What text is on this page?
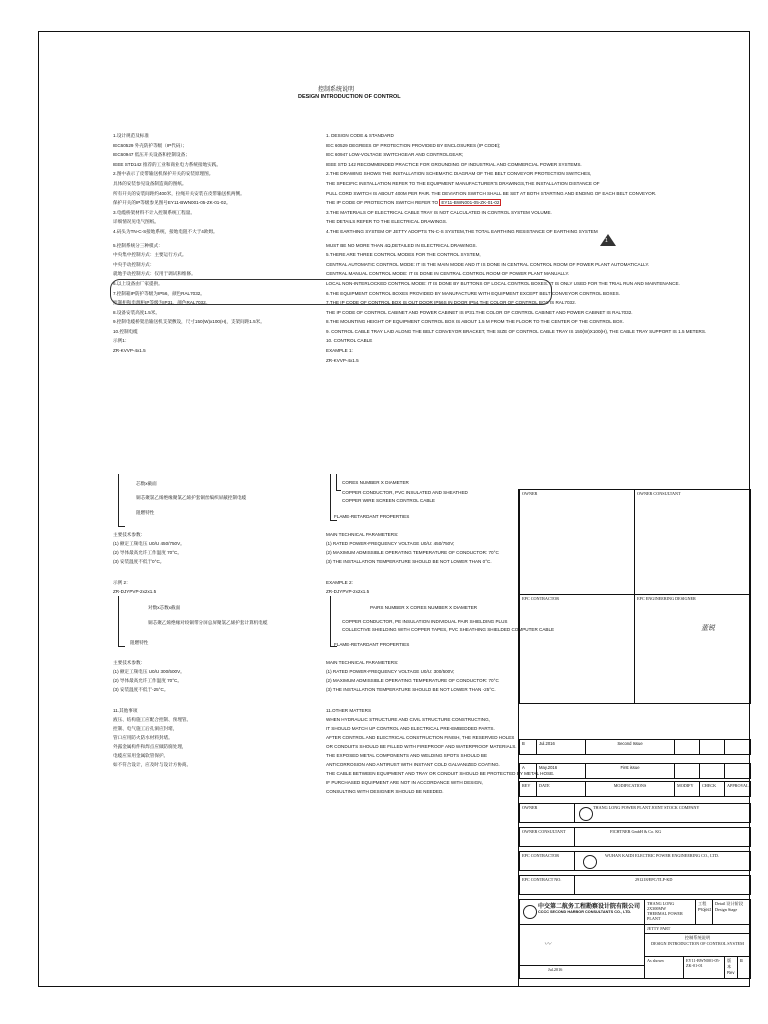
控制系统说明
DESIGN INTRODUCTION OF CONTROL
1.设计规范及标准
IEC60529 外壳防护等级（IP代码）；
IEC60947 低压开关设备和控制设备；
IEEE STD142 推荐的工业和商业电力系统接地实践。
2.图中表示了皮带输送机保护开关的安装原理图。
具体的安装参见设备制造商的图纸。
所有开关的安装间距约400米，拉绳开关安装在皮带输送机两侧。
保护开关的IP等级参见图号EY11-BWN001-05-ZK-01-02。
3.电缆桥架材料不计入控制系统工程量。
详细情况见电气图纸。
4.码头为TN-C-S接地系统，接地电阻不大于4欧姆。
5.控制系统分三种模式：
中央集中控制方式：主要运行方式。
中央手动控制方式：
就地手动控制方式：仅用于调试和维修。
6.以上设备由厂家提供。
7.控制箱IP防护等级为IP56，颜色RAL7032。
控制柜和电源柜IP等级为IP31，颜色RAL7032。
8.设备安装高度1.5米。
9.控制电缆桥架沿输送机支架敷设，尺寸150(W)x100(H)，支架间距1.5米。
10.控制电缆
示例1：
ZR-KVVP-4x1.5
1. DESIGN CODE & STANDARD
IEC 60529 DEGREES OF PROTECTION PROVIDED BY ENCLOSURES (IP CODE);
IEC 60947 LOW-VOLTAGE SWITCHGEAR AND CONTROLGEAR;
IEEE STD 142 RECOMMENDED PRACTICE FOR GROUNDING OF INDUSTRIAL AND COMMERCIAL POWER SYSTEMS.
2.THE DRAWING SHOWS THE INSTALLATION SCHEMATIC DIAGRAM OF THE BELT CONVEYOR PROTECTION SWITCHES,
THE SPECIFIC INSTALLATION REFER TO THE EQUIPMENT MANUFACTURER'S DRAWINGS,THE INSTALLATION DISTANCE OF
PULL CORD SWITCH IS ABOUT 400M PER PAIR. THE DEVIATION SWITCH SHALL BE SET AT BOTH STARTING AND ENDING OF EACH BELT CONVEYOR.
THE IP CODE OF PROTECTION SWITCH REFER TO EY11-BWN001-05-ZK-01-02
3.THE MATERIALS OF ELECTRICAL CABLE TRAY IS NOT CALCULATED IN CONTROL SYSTEM VOLUME.
THE DETAILS REFER TO THE ELECTRICAL DRAWINGS.
4.THE EARTHING SYSTEM OF JETTY ADOPTS TN-C-S SYSTEM,THE TOTAL EARTHING RESISTANCE OF EARTHING SYSTEM
MUST BE NO MORE THAN 4Ω,DETAILED IN ELECTRICAL DRAWINGS.
5.THERE ARE THREE CONTROL MODES FOR THE CONTROL SYSTEM,
CENTRAL AUTOMATIC CONTROL MODE: IT IS THE MAIN MODE AND IT IS DONE IN CENTRAL CONTROL ROOM OF POWER PLANT AUTOMATICALLY.
CENTRAL MANUAL CONTROL MODE: IT IS DONE IN CENTRAL CONTROL ROOM OF POWER PLANT MANUALLY.
LOCAL NON-INTERLOCKED CONTROL MODE: IT IS DONE BY BUTTONS OF LOCAL CONTROL BOXES. IT IS ONLY USED FOR THE TRIAL RUN AND MAINTENANCE.
6.THE EQUIPMENT CONTROL BOXES PROVIDED BY MANUFACTURE WITH EQUIPMENT EXCEPT BELT CONVEYOR CONTROL BOXES.
7.THE IP CODE OF CONTROL BOX IS OUT DOOR IP56S IN DOOR IP54.THE COLOR OF CONTROL BOX IS RAL7032.
THE IP CODE OF CONTROL CABINET AND POWER CABINET IS IP31.THE COLOR OF CONTROL CABINET AND POWER CABINET IS RAL7032.
8.THE MOUNTING HEIGHT OF EQUIPMENT CONTROL BOX IS ABOUT 1.5 M FROM THE FLOOR TO THE CENTER OF THE CONTROL BOX.
9. CONTROL CABLE TRAY LAID ALONG THE BELT CONVEYOR BRACKET, THE SIZE OF CONTROL CABLE TRAY IS 150(W)X100(H), THE CABLE TRAY SUPPORT IS 1.5 METERS.
10. CONTROL CABLE
EXAMPLE 1:
ZR-KVVP-4x1.5
1
CORES NUMBER X DIAMETER
COPPER CONDUCTOR, PVC INSULATED AND SHEATHED
COPPER WIRE SCREEN CONTROL CABLE
FLAME-RETARDANT PROPERTIES
芯数x截面
铜芯聚氯乙烯绝缘聚氯乙烯护套铜丝编织屏蔽控制电缆
阻燃特性
MAIN TECHNICAL PARAMETERS:
(1) RATED POWER-FREQUENCY VOLTAGE U0/U: 450/750V;
(2) MAXIMUM ADMISSIBLE OPERATING TEMPERATURE OF CONDUCTOR: 70°C
(3) THE INSTALLATION TEMPERATURE SHOULD BE NOT LOWER THAN 0°C.
主要技术参数：
(1) 额定工频电压 U0/U 450/750V。
(2) 导体最高允许工作温度 70°C。
(3) 安装温度不低于0°C。
EXAMPLE 2:
ZR-DJYPVP-2x2x1.5
PAIRS NUMBER X CORES NUMBER X DIAMETER
COPPER CONDUCTOR, PE INSULATION INDIVIDUAL PAIR SHIELDING PLUS
COLLECTIVE SHIELDING WITH COPPER TAPES, PVC SHEATHING SHIELDED COMPUTER CABLE
FLAME-RETARDANT PROPERTIES
示例 2：
ZR-DJYPVP-2x2x1.5
对数x芯数x截面
铜芯聚乙烯绝缘对绞铜带分屏总屏聚氯乙烯护套计算机电缆
阻燃特性
MAIN TECHNICAL PARAMETERS:
(1) RATED POWER-FREQUENCY VOLTAGE U0/U: 300/500V;
(2) MAXIMUM ADMISSIBLE OPERATING TEMPERATURE OF CONDUCTOR: 70°C
(3) THE INSTALLATION TEMPERATURE SHOULD BE NOT LOWER THAN -25°C.
主要技术参数：
(1) 额定工频电压 U0/U 300/500V。
(2) 导体最高允许工作温度 70°C。
(3) 安装温度不低于-25°C。
11.OTHER MATTERS
WHEN HYDRAULIC STRUCTURE AND CIVIL STRUCTURE CONSTRUCTING,
IT SHOULD MATCH UP CONTROL AND ELECTRICAL PRE-EMBEDDED PARTS.
AFTER CONTROL AND ELECTRICAL CONSTRUCTION FINISH, THE RESERVED HOLES
OR CONDUITS SHOULD BE FILLED WITH FIREPROOF AND WATERPROOF MATERIALS.
THE EXPOSED METAL COMPONENTS AND WELDING SPOTS SHOULD BE
ANTICORROSION AND ANTIRUST WITH INSTANT COLD GALVANIZED COATING.
THE CABLE BETWEEN EQUIPMENT AND TRAY OR CONDUIT SHOULD BE PROTECTED BY METAL HOSE.
IF PURCHASED EQUIPMENT ARE NOT IN ACCORDANCE WITH DESIGN,
CONSULTING WITH DESIGNER SHOULD BE NEEDED.
11.其他事项
液压、结构施工应配合控制、预埋管。
控制、电气施工后孔洞应封堵，
管口应用防火防水材料封堵。
外露金属构件和焊点应做防腐处理，
电缆应采用金属软管保护。
如不符合设计，应及时与设计方协商。
OWNER	OWNER CONSULTANT
EPC CONTRACTOR	EPC ENGINEERING DESIGNER
董锐
B	Jul.2016	Second Issue
A	May.2016	First issue
REV	DATE	MODIFICATIONS	MODIFY	CHECK	APPROVAL
OWNER	THANG LONG POWER PLANT JOINT STOCK COMPANY
OWNER CONSULTANT	FICHTNER GmbH & Co. KG
EPC CONTRACTOR	WUHAN KAIDI ELECTRIC POWER ENGINEERING CO., LTD.
EPC CONTRACT NO.	291218/EPC/TLP-KD
中交第二航务工程勘察设计院有限公司
CCCC SECOND HARBOR CONSULTANTS CO., LTD.
THANG LONG 2X300MW
THERMAL POWER PLANT
工程 Project
Detail 设计阶段 Design Stage
JETTY PART
控制系统说明
DESIGN INTRODUCTION OF CONTROL SYSTEM
〰
Jul.2016
As shown	EY11-BWN001-05-ZK-01-01
版本 Rev
B
